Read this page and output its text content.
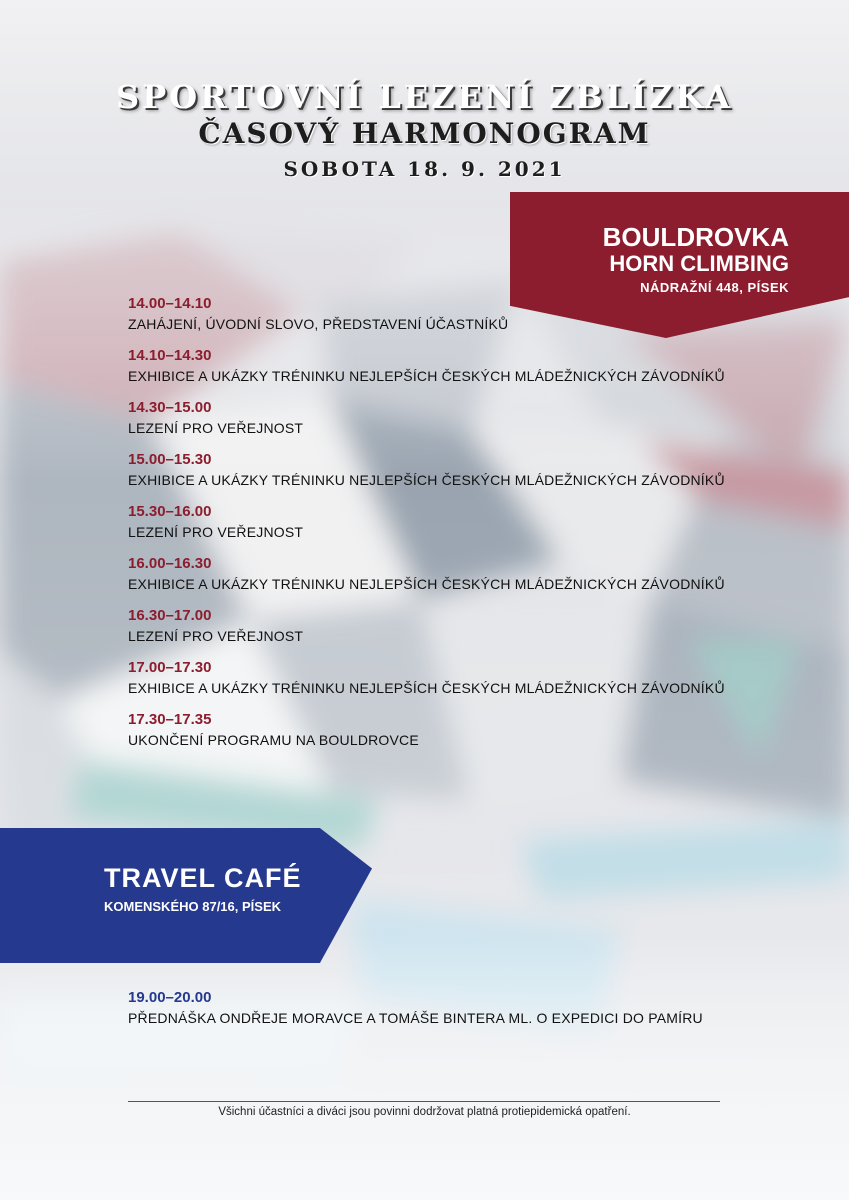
SPORTOVNÍ LEZENÍ ZBLÍZKA
ČASOVÝ HARMONOGRAM
SOBOTA 18. 9. 2021
BOULDROVKA
HORN CLIMBING
NÁDRAŽNÍ 448, PÍSEK
14.00–14.10
ZAHÁJENÍ, ÚVODNÍ SLOVO, PŘEDSTAVENÍ ÚČASTNÍKŮ
14.10–14.30
EXHIBICE A UKÁZKY TRÉNINKU NEJLEPŠÍCH ČESKÝCH MLÁDEŽNICKÝCH ZÁVODNÍKŮ
14.30–15.00
LEZENÍ PRO VEŘEJNOST
15.00–15.30
EXHIBICE A UKÁZKY TRÉNINKU NEJLEPŠÍCH ČESKÝCH MLÁDEŽNICKÝCH ZÁVODNÍKŮ
15.30–16.00
LEZENÍ PRO VEŘEJNOST
16.00–16.30
EXHIBICE A UKÁZKY TRÉNINKU NEJLEPŠÍCH ČESKÝCH MLÁDEŽNICKÝCH ZÁVODNÍKŮ
16.30–17.00
LEZENÍ PRO VEŘEJNOST
17.00–17.30
EXHIBICE A UKÁZKY TRÉNINKU NEJLEPŠÍCH ČESKÝCH MLÁDEŽNICKÝCH ZÁVODNÍKŮ
17.30–17.35
UKONČENÍ PROGRAMU NA BOULDROVCE
TRAVEL CAFÉ
KOMENSKÉHO 87/16, PÍSEK
19.00–20.00
PŘEDNÁŠKA ONDŘEJE MORAVCE A TOMÁŠE BINTERA ML. O EXPEDICI DO PAMÍRU
Všichni účastníci a diváci jsou povinni dodržovat platná protiepidemická opatření.
